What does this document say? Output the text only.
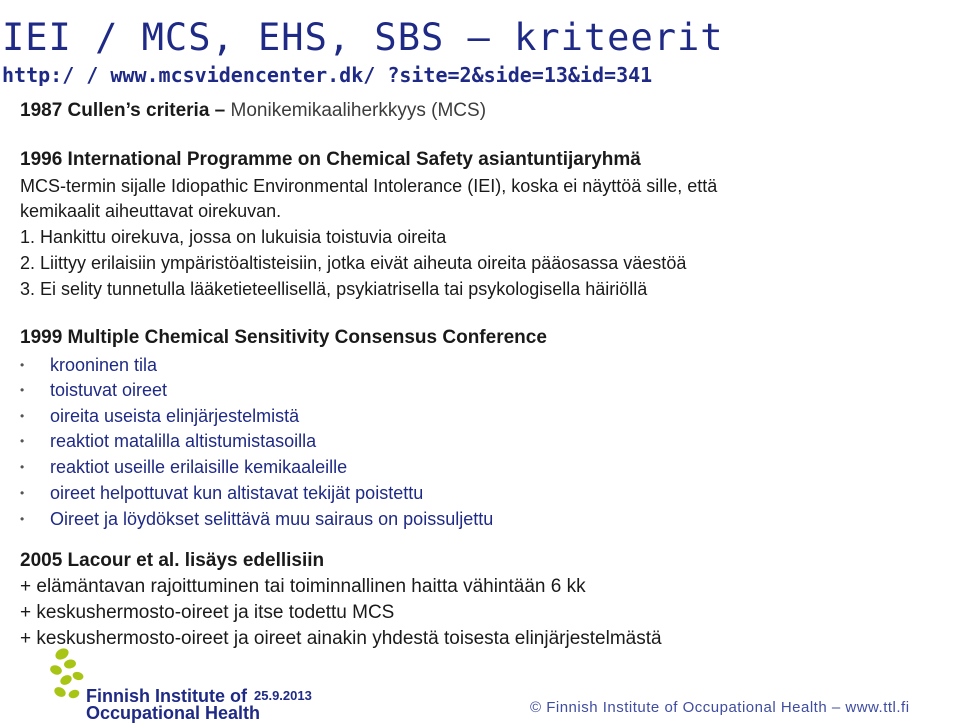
IEI / MCS, EHS, SBS – kriteerit
http:/ / www.mcsvidencenter.dk/ ?site=2&side=13&id=341
1987 Cullen’s criteria – Monikemikaaliherkkyys (MCS)
1996 International Programme on Chemical Safety asiantuntijaryhmä
MCS-termin sijalle Idiopathic Environmental Intolerance (IEI), koska ei näyttöä sille, että
kemikaalit aiheuttavat oirekuvan.
1. Hankittu oirekuva, jossa on lukuisia toistuvia oireita
2. Liittyy erilaisiin ympäristöaltisteisiin, jotka eivät aiheuta oireita pääosassa väestöä
3. Ei selity tunnetulla lääketieteellisellä, psykiatrisella tai psykologisella häiriöllä
1999 Multiple Chemical Sensitivity Consensus Conference
• krooninen tila
• toistuvat oireet
• oireita useista elinjärjestelmistä
• reaktiot matalilla altistumistasoilla
• reaktiot useille erilaisille kemikaaleille
• oireet helpottuvat kun altistavat tekijät poistettu
• Oireet ja löydökset selittävä muu sairaus on poissuljettu
2005 Lacour et al. lisäys edellisiin
+ elämäntavan rajoittuminen tai toiminnallinen haitta vähintään 6 kk
+ keskushermosto-oireet ja itse todettu MCS
+ keskushermosto-oireet ja oireet ainakin yhdestä toisesta elinjärjestelmästä
Finnish Institute of
Occupational Health
25.9.2013
© Finnish Institute of Occupational Health – www.ttl.fi
